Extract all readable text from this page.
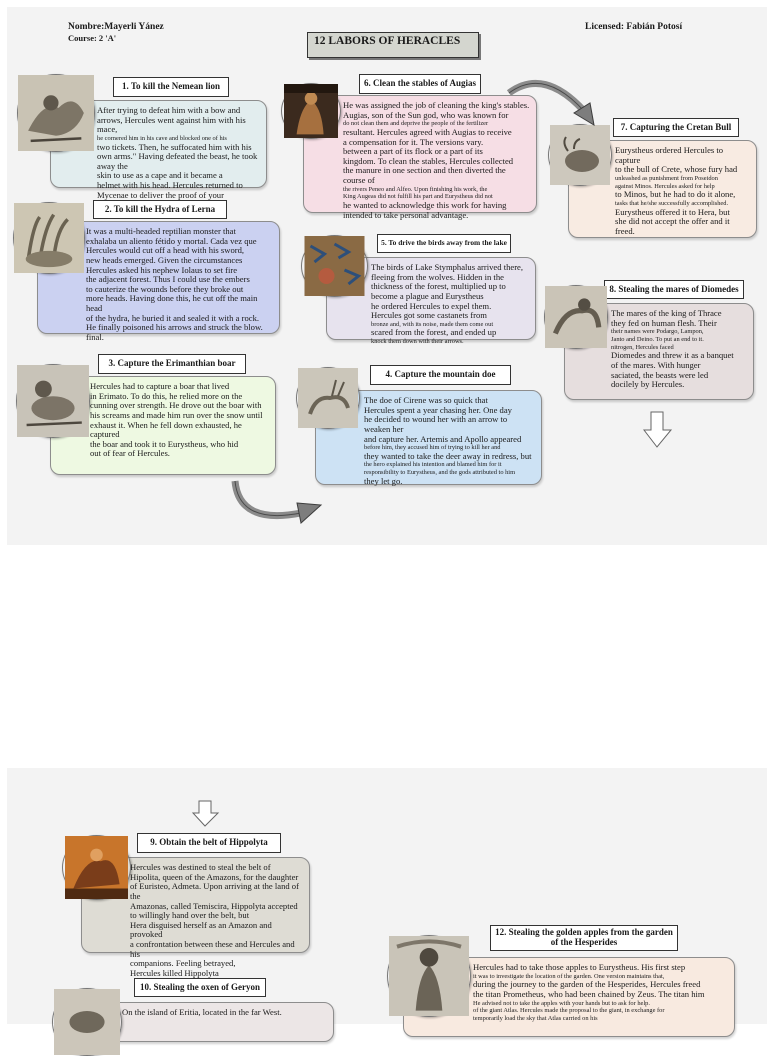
Nombre:Mayerli Yánez
Course: 2 'A'	12 LABORS OF HERACLES
Licensed: Fabián Potosí
After trying to defeat him with a bow and
arrows, Hercules went against him with his mace,
he cornered him in his cave and blocked one of his
two tickets. Then, he suffocated him with his
own arms." Having defeated the beast, he took away the
skin to use as a cape and it became a
helmet with his head. Hercules returned to
Mycenae to deliver the proof of your
1. To kill the Nemean lion
It was a multi-headed reptilian monster that
exhalaba un aliento fétido y mortal. Cada vez que
Hercules would cut off a head with his sword,
new heads emerged. Given the circumstances
Hercules asked his nephew Iolaus to set fire
the adjacent forest. Thus I could use the embers
to cauterize the wounds before they broke out
more heads. Having done this, he cut off the main head
of the hydra, he buried it and sealed it with a rock.
He finally poisoned his arrows and struck the blow.
final.
2. To kill the Hydra of Lerna
Hercules had to capture a boar that lived
in Erimato. To do this, he relied more on the
cunning over strength. He drove out the boar with
his screams and made him run over the snow until
exhaust it. When he fell down exhausted, he captured
the boar and took it to Eurystheus, who hid
out of fear of Hercules.
3. Capture the Erimanthian boar
He was assigned the job of cleaning the king's stables.
Augias, son of the Sun god, who was known for
do not clean them and deprive the people of the fertilizer
resultant. Hercules agreed with Augias to receive
a compensation for it. The versions vary.
between a part of its flock or a part of its
kingdom. To clean the stables, Hercules collected
the manure in one section and then diverted the course of
the rivers Peneo and Alfeo. Upon finishing his work, the
King Augeas did not fulfill his part and Eurystheus did not
he wanted to acknowledge this work for having
intended to take personal advantage.
6. Clean the stables of Augias
The birds of Lake Stymphalus arrived there,
fleeing from the wolves. Hidden in the
thickness of the forest, multiplied up to
become a plague and Eurystheus
he ordered Hercules to expel them.
Hercules got some castanets from
bronze and, with its noise, made them come out
scared from the forest, and ended up
knock them down with their arrows.
5. To drive the birds away from the lake
The doe of Cirene was so quick that
Hercules spent a year chasing her. One day
he decided to wound her with an arrow to weaken her
and capture her. Artemis and Apollo appeared
before him, they accused him of trying to kill her and
they wanted to take the deer away in redress, but
the hero explained his intention and blamed him for it
responsibility to Eurystheus, and the gods attributed to him
they let go.
4. Capture the mountain doe
Eurystheus ordered Hercules to capture
to the bull of Crete, whose fury had
unleashed as punishment from Poseidon
against Minos. Hercules asked for help
to Minos, but he had to do it alone,
tasks that he/she successfully accomplished.
Eurystheus offered it to Hera, but
she did not accept the offer and it
freed.
7. Capturing the Cretan Bull
The mares of the king of Thrace
they fed on human flesh. Their
their names were Podargo, Lampon,
Janto and Deino. To put an end to it.
nitrogen, Hercules faced
Diomedes and threw it as a banquet
of the mares. With hunger
saciated, the beasts were led
docilely by Hercules.
8. Stealing the mares of Diomedes
Hercules was destined to steal the belt of
Hipolita, queen of the Amazons, for the daughter
of Euristeo, Admeta. Upon arriving at the land of the
Amazonas, called Temiscira, Hippolyta accepted
to willingly hand over the belt, but
Hera disguised herself as an Amazon and provoked
a confrontation between these and Hercules and his
companions. Feeling betrayed,
Hercules killed Hippolyta
9. Obtain the belt of Hippolyta
On the island of Eritia, located in the far West.
10. Stealing the oxen of Geryon
Hercules had to take those apples to Eurystheus. His first step
it was to investigate the location of the garden. One version maintains that,
during the journey to the garden of the Hesperides, Hercules freed
the titan Prometheus, who had been chained by Zeus. The titan him
He advised not to take the apples with your hands but to ask for help.
of the giant Atlas. Hercules made the proposal to the giant, in exchange for
temporarily load the sky that Atlas carried on his
12. Stealing the golden apples from the garden of the Hesperides
